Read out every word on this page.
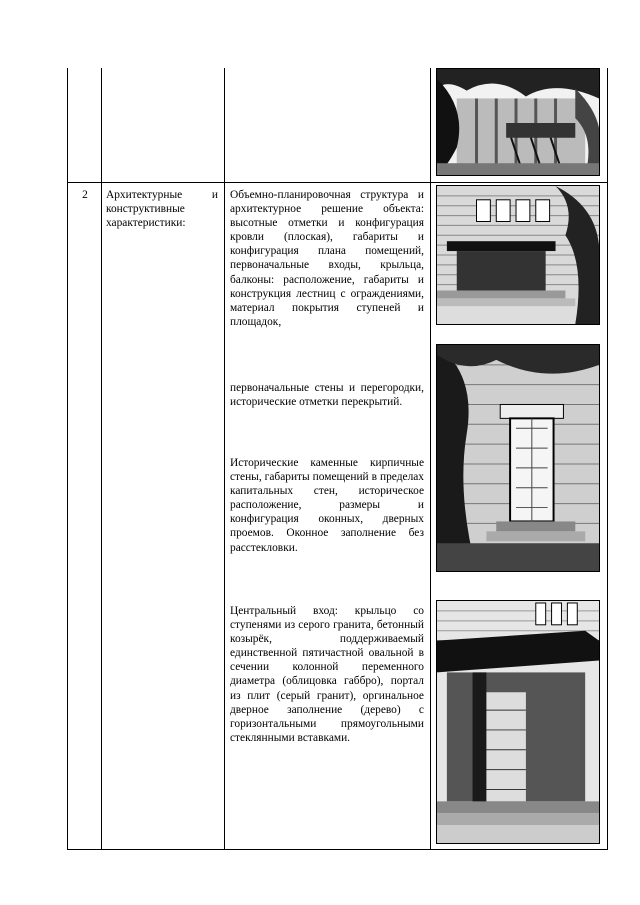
2	Архитектурные и конструктивные характеристики:
Объемно-планировочная структура и архитектурное решение объекта: высотные отметки и конфигурация кровли (плоская), габариты и конфигурация плана помещений, первоначальные входы, крыльца, балконы: расположение, габариты и конструкция лестниц с ограждениями, материал покрытия ступеней и площадок,
первоначальные стены и перегородки, исторические отметки перекрытий.
Исторические каменные кирпичные стены, габариты помещений в пределах капитальных стен, историческое расположение, размеры и конфигурация оконных, дверных проемов. Оконное заполнение без расстекловки.
Центральный вход: крыльцо со ступенями из серого гранита, бетонный козырёк, поддерживаемый единственной пятичастной овальной в сечении колонной переменного диаметра (облицовка габбро), портал из плит (серый гранит), оргинальное дверное заполнение (дерево) с горизонтальными прямоугольными стеклянными вставками.
